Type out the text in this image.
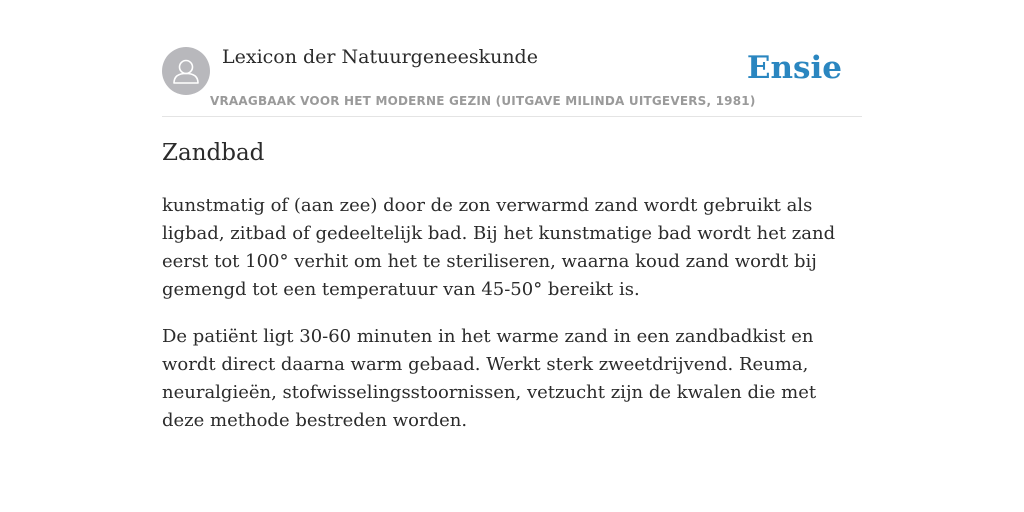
Lexicon der Natuurgeneeskunde
VRAAGBAAK VOOR HET MODERNE GEZIN (UITGAVE MILINDA UITGEVERS, 1981)
Ensie
Zandbad

kunstmatig of (aan zee) door de zon verwarmd zand wordt gebruikt als ligbad, zitbad of gedeeltelijk bad. Bij het kunstmatige bad wordt het zand eerst tot 100° verhit om het te steriliseren, waarna koud zand wordt bij gemengd tot een temperatuur van 45-50° bereikt is.

De patiënt ligt 30-60 minuten in het warme zand in een zandbadkist en wordt direct daarna warm gebaad. Werkt sterk zweetdrijvend. Reuma, neuralgieën, stofwisselingsstoornissen, vetzucht zijn de kwalen die met deze methode bestreden worden.
